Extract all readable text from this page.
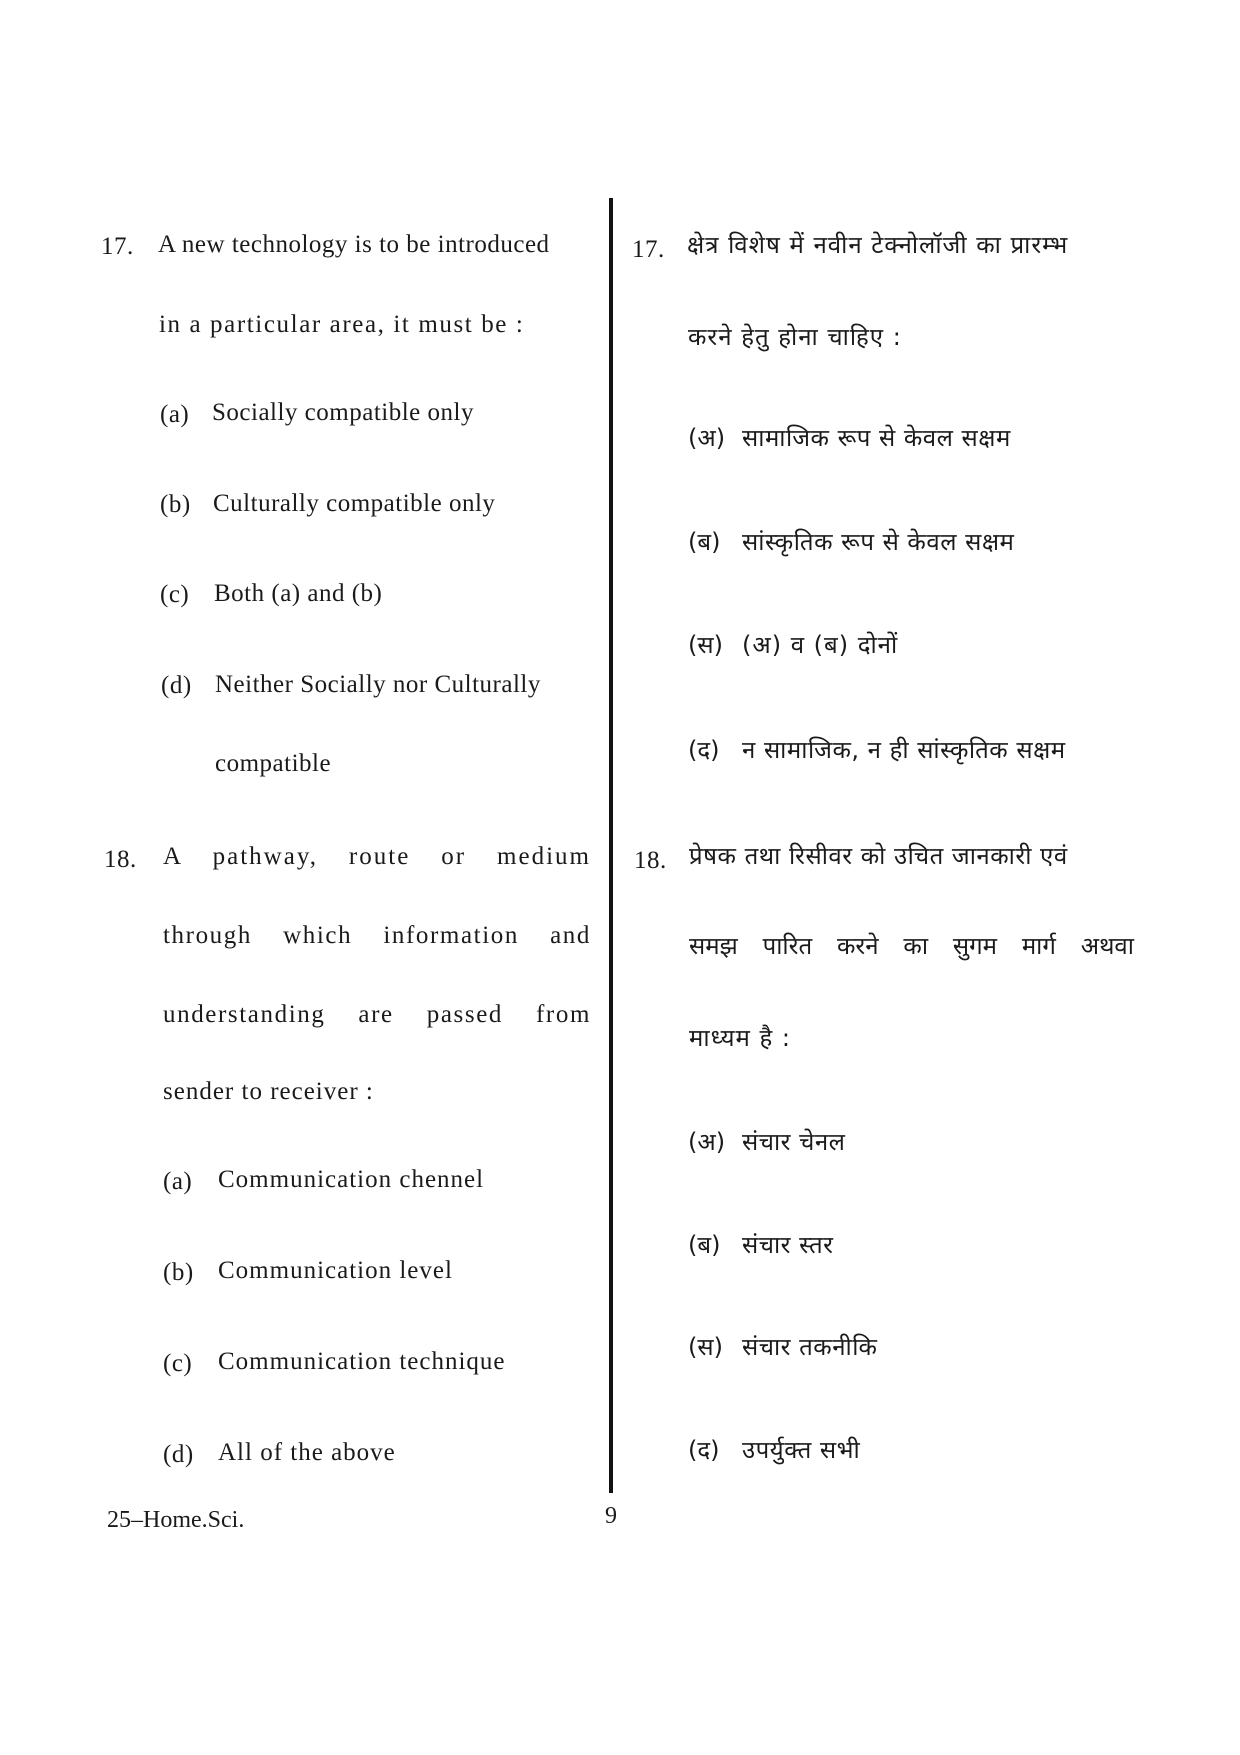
17. A new technology is to be introduced
in a particular area, it must be :
(a) Socially compatible only
(b) Culturally compatible only
(c) Both (a) and (b)
(d) Neither Socially nor Culturally
compatible
18. A pathway, route or medium
through which information and
understanding are passed from
sender to receiver :
(a) Communication chennel
(b) Communication level
(c) Communication technique
(d) All of the above
17. क्षेत्र विशेष में नवीन टेक्नोलॉजी का प्रारम्भ
करने हेतु होना चाहिए :
(अ) सामाजिक रूप से केवल सक्षम
(ब) सांस्कृतिक रूप से केवल सक्षम
(स) (अ) व (ब) दोनों
(द) न सामाजिक, न ही सांस्कृतिक सक्षम
18. प्रेषक तथा रिसीवर को उचित जानकारी एवं
समझ पारित करने का सुगम मार्ग अथवा
माध्यम है :
(अ) संचार चेनल
(ब) संचार स्तर
(स) संचार तकनीकि
(द) उपर्युक्त सभी
25–Home.Sci.	9
